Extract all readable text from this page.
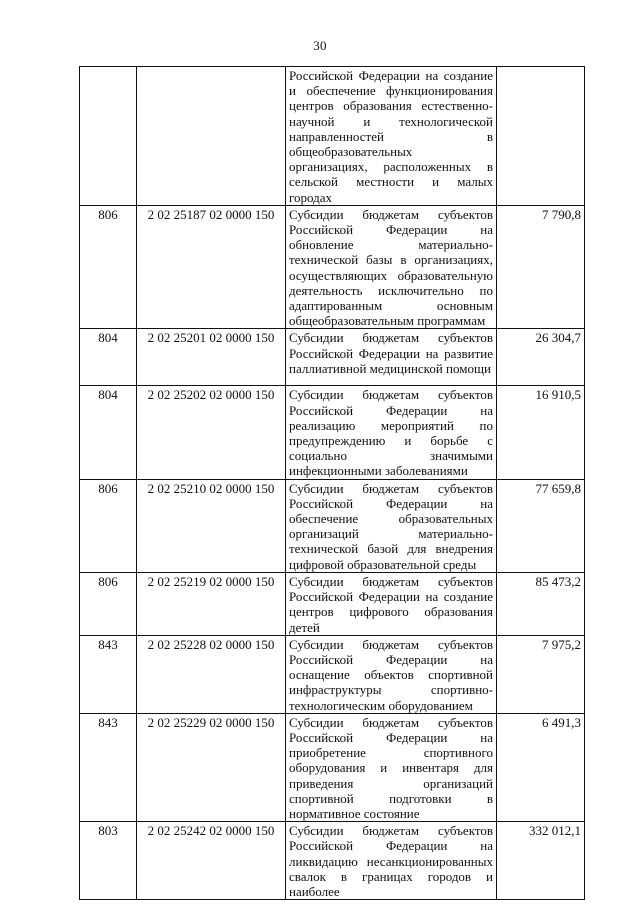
30
		Российской Федерации на создание и обеспечение функционирования центров образования естественно-научной и технологической направленностей в общеобразовательных организациях, расположенных в сельской местности и малых городах	
806	2 02 25187 02 0000 150	Субсидии бюджетам субъектов Российской Федерации на обновление материально-технической базы в организациях, осуществляющих образовательную деятельность исключительно по адаптированным основным общеобразовательным программам	7 790,8
804	2 02 25201 02 0000 150	Субсидии бюджетам субъектов Российской Федерации на развитие паллиативной медицинской помощи	26 304,7
804	2 02 25202 02 0000 150	Субсидии бюджетам субъектов Российской Федерации на реализацию мероприятий по предупреждению и борьбе с социально значимыми инфекционными заболеваниями	16 910,5
806	2 02 25210 02 0000 150	Субсидии бюджетам субъектов Российской Федерации на обеспечение образовательных организаций материально-технической базой для внедрения цифровой образовательной среды	77 659,8
806	2 02 25219 02 0000 150	Субсидии бюджетам субъектов Российской Федерации на создание центров цифрового образования детей	85 473,2
843	2 02 25228 02 0000 150	Субсидии бюджетам субъектов Российской Федерации на оснащение объектов спортивной инфраструктуры спортивно-технологическим оборудованием	7 975,2
843	2 02 25229 02 0000 150	Субсидии бюджетам субъектов Российской Федерации на приобретение спортивного оборудования и инвентаря для приведения организаций спортивной подготовки в нормативное состояние	6 491,3
803	2 02 25242 02 0000 150	Субсидии бюджетам субъектов Российской Федерации на ликвидацию несанкционированных свалок в границах городов и наиболее	332 012,1
